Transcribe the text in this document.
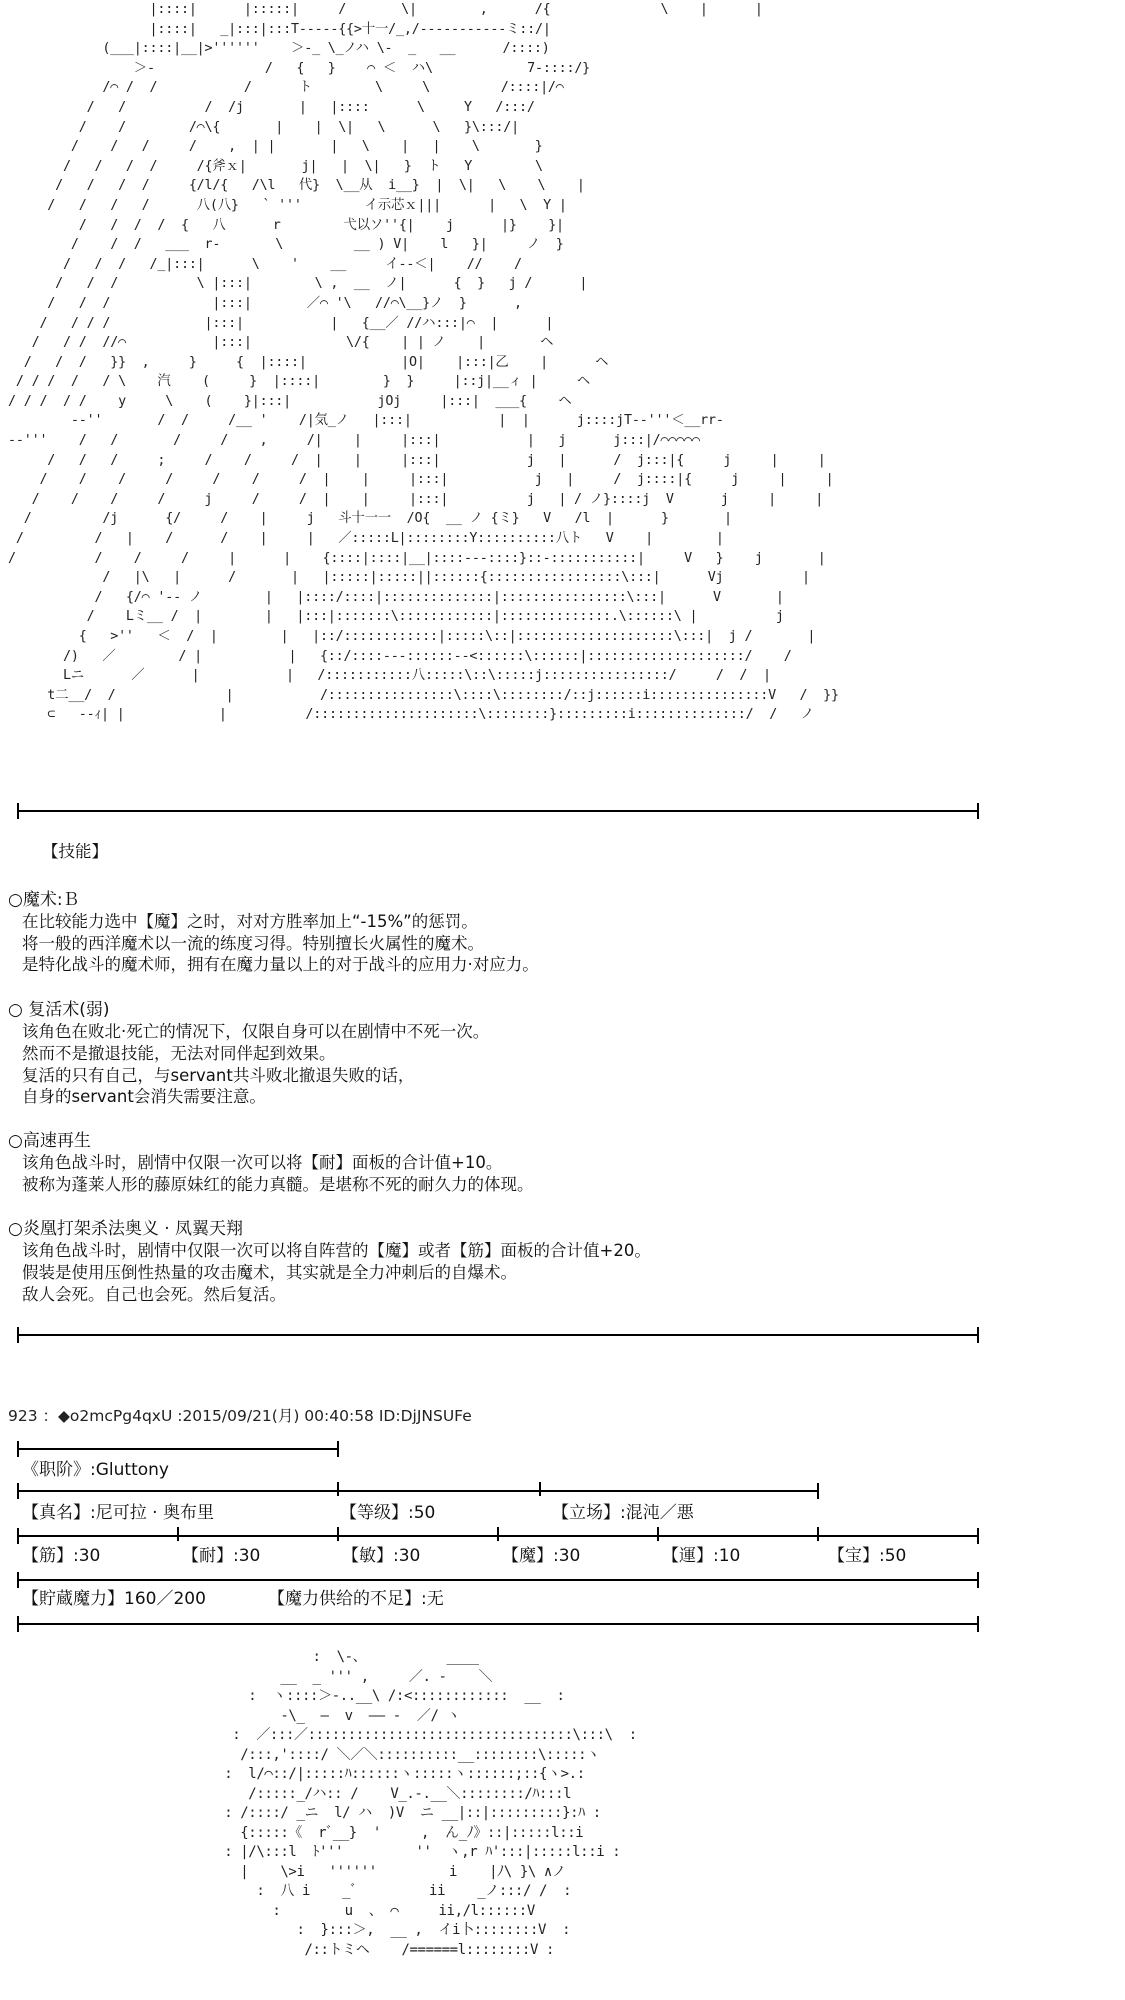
|::::|      |:::::|     /       \|        ,      /{              \    |      |
|::::|   _|:::|:::T-----{{>十一/_,/-----------ミ::/|
(___|::::|__|>''''''    ＞-_ \_ノハ \-  _   __      /::::)
＞-              /   {   }    ⌒ ＜  ハ\            7-::::/}
/⌒ /  /           /      ト        \     \         /::::|/⌒
/   /          /  /j       |   |::::      \     Y   /:::/
/    /        /⌒\{       |    |  \|   \      \   }\:::/|
/    /   /     /    ,  | |       |   \    |   |    \       }
/   /   /  /     /{斧ｘ|       j|   |  \|   }  ト   Y        \
/   /   /  /     {/l/{   /\l   代}  \__从  i__}  |  \|   \    \    |
/   /   /   /      八(八}   ` '''        イ示芯ｘ|||      |   \  Y |
/   /  /  /  {   八      r        弋以ソ''{|    j      |}    }|
/    /  /   ___  r-       \         __ ) V|    l   }|     ノ  }
/   /  /   /_|:::|      \    '    __     イ--＜|    //    /
/   /  /          \ |:::|        \ ,  __  ノ|      {  }   j /      |
/   /  /             |:::|       ／⌒ '\   //⌒\__}ノ  }      ,
/   / / /            |:::|           |   {__／ //ハ:::|⌒  |      |
/   / /  //⌒           |:::|            \/{    | | ノ    |       ヘ
/   /  /   }}  ,     }     {  |::::|            |O|    |:::|乙    |      ヘ
/ / /  /   / \    汽    (     }  |::::|        }  }     |::j|__ィ |     ヘ
/ / /  / /    y     \    (    }|:::|           jOj     |:::|  ___{    ヘ
--''       /  /     /__ '    /|気_ノ   |:::|           |  |      j::::jT--'''＜__rr-
--'''    /   /       /     /    ,     /|    |     |:::|           |   j      j:::|/⌒⌒⌒⌒⌒
/   /   /     ;     /    /     /  |    |     |:::|           j   |      /  j:::|{     j     |     |
/    /    /     /     /    /     /  |    |     |:::|           j   |     /  j::::|{     j     |     |
/    /    /     /     j     /     /  |    |     |:::|          j   | / ノ}::::j  V      j     |     |
/         /j      {/     /    |     j   斗十一一  /O{  __ ノ {ミ}   V   /l  |      }       |
/         /   |    /      /    |     |   ／:::::L|::::::::Y::::::::::八ト   V    |        |
/          /    /     /     |      |    {::::|::::|__|::::---::::}::-:::::::::::|     V   }    j       |
/   |\   |      /       |   |:::::|:::::||::::::{:::::::::::::::::\:::|      Vj          |
/   {/⌒ '-- ノ        |   |::::/::::|::::::::::::::|::::::::::::::::\:::|      V       |
/    Lミ__ /  |        |   |:::|:::::::\::::::::::::|::::::::::::::.\::::::\ |          j
{   >''   ＜  /  |        |   |::/::::::::::::|:::::\::|::::::::::::::::::::\:::|  j /       |
/)   ／        / |           |   {::/::::---::::::--<::::::\::::::|::::::::::::::::::::/    /
Lニ      ／      |           |   /:::::::::::八:::::\::\:::::j::::::::::::::::/     /  /  |
t二__/  /              |           /::::::::::::::::\::::\::::::::/::j::::::i:::::::::::::::V   /  }}
⊂   --ｨ| |            |          /:::::::::::::::::::::\::::::::}:::::::::i::::::::::::::/  /   ノ
【技能】
○魔术:Ｂ
在比较能力选中【魔】之时，对对方胜率加上“-15%”的惩罚。
将一般的西洋魔术以一流的练度习得。特别擅长火属性的魔术。
是特化战斗的魔术师，拥有在魔力量以上的对于战斗的应用力·对应力。
○ 复活术(弱)
该角色在败北·死亡的情况下，仅限自身可以在剧情中不死一次。
然而不是撤退技能，无法对同伴起到效果。
复活的只有自己，与servant共斗败北撤退失败的话，
自身的servant会消失需要注意。
○高速再生
该角色战斗时，剧情中仅限一次可以将【耐】面板的合计值+10。
被称为蓬莱人形的藤原妹红的能力真髓。是堪称不死的耐久力的体现。
○炎凰打架杀法奥义 · 凤翼天翔
该角色战斗时，剧情中仅限一次可以将自阵营的【魔】或者【筋】面板的合计值+20。
假装是使用压倒性热量的攻击魔术，其实就是全力冲刺后的自爆术。
敌人会死。自己也会死。然后复活。
923 ：◆o2mcPg4qxU :2015/09/21(月) 00:40:58 ID:DjJNSUFe
《职阶》:Gluttony
【真名】:尼可拉 · 奥布里	【等级】:50	【立场】:混沌／悪
【筋】:30	【耐】:30	【敏】:30	【魔】:30	【運】:10	【宝】:50
【貯蔵魔力】160／200	【魔力供给的不足】:无
:  \-、          ____
__  _ ''' ,     ／. -    ＼
:  ヽ::::＞-..__\ /:<::::::::::::  __  :
-\_  ―  v  ―― -  ／/ ヽ
:  ／:::／:::::::::::::::::::::::::::::::::\:::\  :
/:::,'::::/ ＼／＼::::::::::__::::::::\:::::ヽ
:  l/⌒::/|:::::ﾊ::::::ヽ:::::ヽ::::::;::{ヽ>.:
/:::::_/ハ:: /    V_.-.__＼::::::::/ﾊ:::l
: /::::/ _ニ  l/ ハ  )V  ニ __|::|:::::::::}:ﾊ :
{:::::《  rﾞ__}  '     ,  ん_ﾉ》::|:::::l::i
: |/\:::l  ﾄ'''         ''  ヽ,r ﾊ':::|:::::l::i :
|    \>i   ''''''         i    |ﾉ\ }\ ∧ノ
:  八 i    _ﾞ         ii    _ノ:::/ /  :
:        u  、 ⌒     ii,/l::::::V
:  }:::＞,  __ ,  イi卜::::::::V  :
/::トミヘ    /======l::::::::V :
